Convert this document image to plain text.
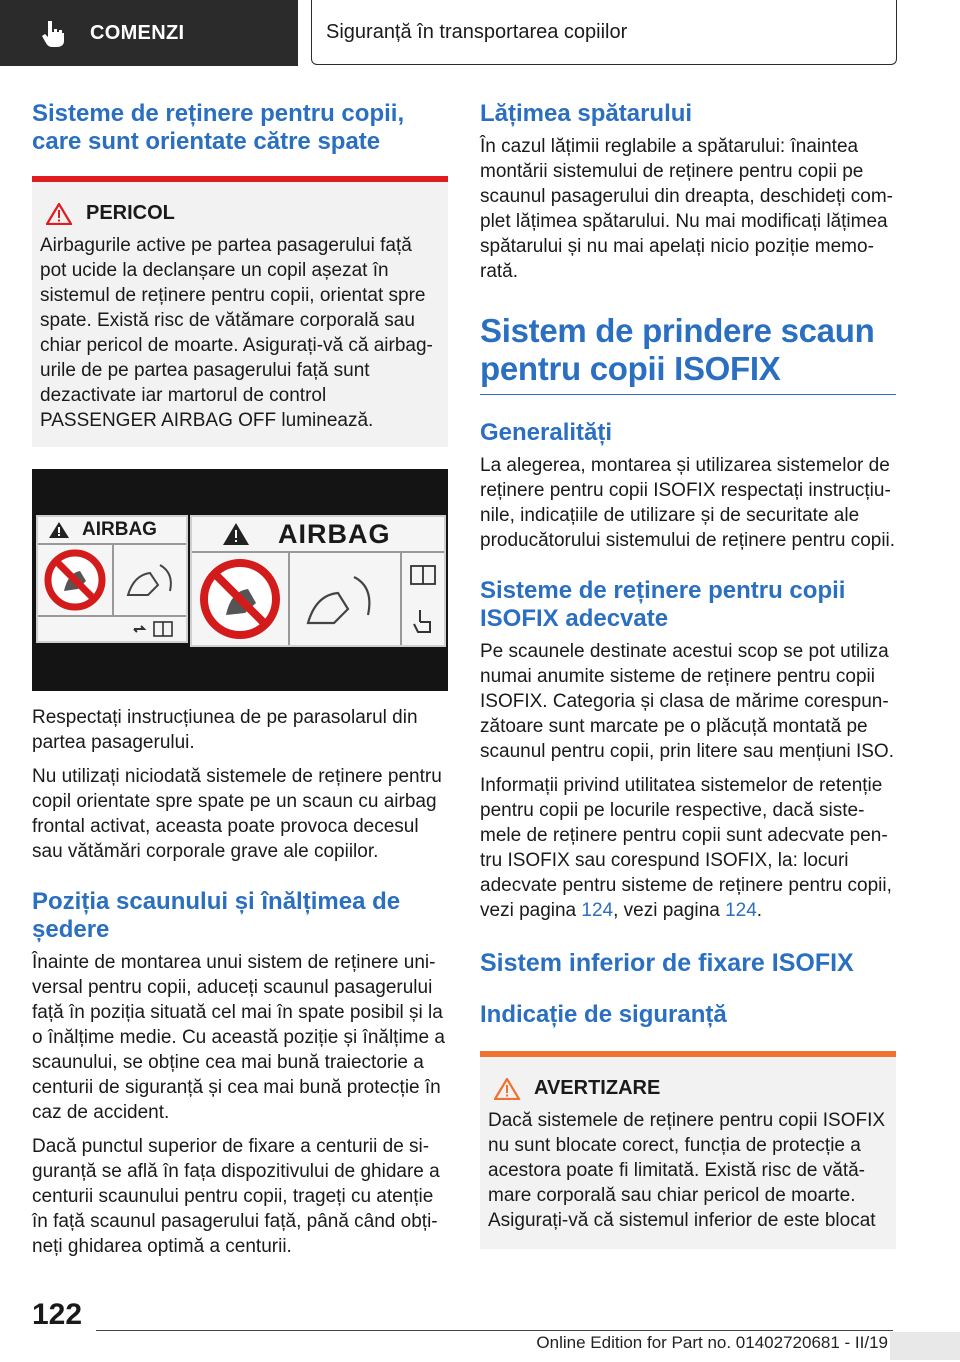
COMENZI	Siguranță în transportarea copiilor
Sisteme de reținere pentru copii, care sunt orientate către spate
PERICOL

Airbagurile active pe partea pasagerului față pot ucide la declanșare un copil așezat în sistemul de reținere pentru copii, orientat spre spate. Există risc de vătămare corporală sau chiar pericol de moarte. Asigurați-vă că airbag-urile de pe partea pasagerului față sunt dezactivate iar martorul de control PASSENGER AIRBAG OFF luminează.

AIRBAG	AIRBAG

Respectați instrucțiunea de pe parasolarul din partea pasagerului.

Nu utilizați niciodată sistemele de reținere pentru copil orientate spre spate pe un scaun cu airbag frontal activat, aceasta poate provoca decesul sau vătămări corporale grave ale copiilor.

Poziția scaunului și înălțimea de ședere

Înainte de montarea unui sistem de reținere universal pentru copii, aduceți scaunul pasagerului față în poziția situată cel mai în spate posibil și la o înălțime medie. Cu această poziție și înălțime a scaunului, se obține cea mai bună traiectorie a centurii de siguranță și cea mai bună protecție în caz de accident.

Dacă punctul superior de fixare a centurii de siguranță se află în fața dispozitivului de ghidare a centurii scaunului pentru copii, trageți cu atenție în față scaunul pasagerului față, până când obțineți ghidarea optimă a centurii.

Lățimea spătarului

În cazul lățimii reglabile a spătarului: înaintea montării sistemului de reținere pentru copii pe scaunul pasagerului din dreapta, deschideți complet lățimea spătarului. Nu mai modificați lățimea spătarului și nu mai apelați nicio poziție memorată.

Sistem de prindere scaun pentru copii ISOFIX
Generalități

La alegerea, montarea și utilizarea sistemelor de reținere pentru copii ISOFIX respectați instrucțiunile, indicațiile de utilizare și de securitate ale producătorului sistemului de reținere pentru copii.

Sisteme de reținere pentru copii ISOFIX adecvate

Pe scaunele destinate acestui scop se pot utiliza numai anumite sisteme de reținere pentru copii ISOFIX. Categoria și clasa de mărime corespunzătoare sunt marcate pe o plăcuță montată pe scaunul pentru copii, prin litere sau mențiuni ISO.

Informații privind utilitatea sistemelor de retenție pentru copii pe locurile respective, dacă sistemele de reținere pentru copii sunt adecvate pentru ISOFIX sau corespund ISOFIX, la: locuri adecvate pentru sisteme de reținere pentru copii, vezi pagina 124, vezi pagina 124.

Sistem inferior de fixare ISOFIX
Indicație de siguranță
AVERTIZARE

Dacă sistemele de reținere pentru copii ISOFIX nu sunt blocate corect, funcția de protecție a acestora poate fi limitată. Există risc de vătămare corporală sau chiar pericol de moarte. Asigurați-vă că sistemul inferior de este blocat

122
Online Edition for Part no. 01402720681 - II/19
